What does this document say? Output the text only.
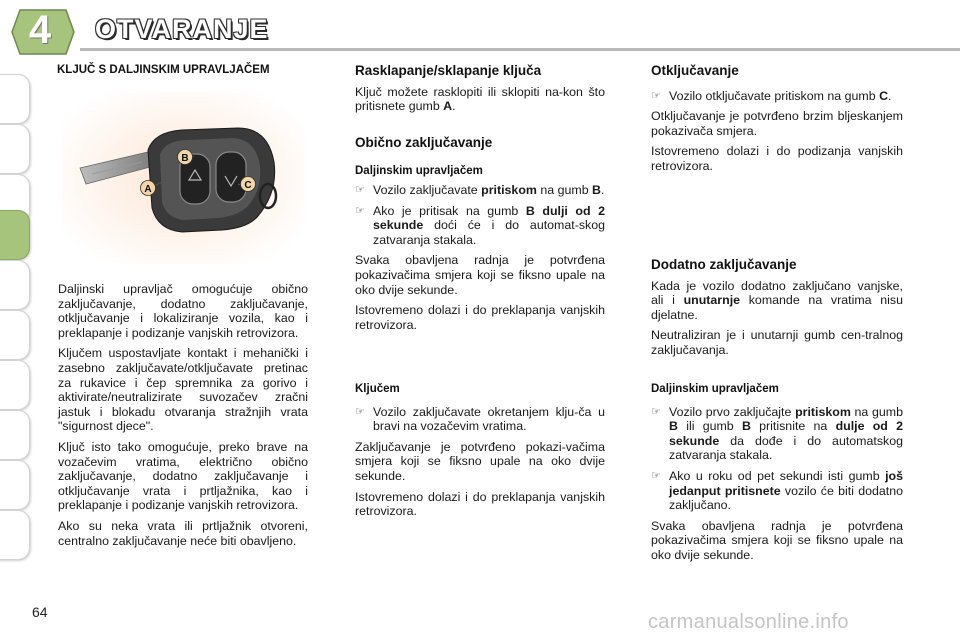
4	OTVARANJE
KLJUČ S DALJINSKIM UPRAVLJAČEM
A
B
C

Daljinski upravljač omogućuje obično zaključavanje, dodatno zaključavanje, otključavanje i lokaliziranje vozila, kao i preklapanje i podizanje vanjskih retrovizora.

Ključem uspostavljate kontakt i mehanički i zasebno zaključavate/otključavate pretinac za rukavice i čep spremnika za gorivo i aktivirate/neutralizirate suvozačev zračni jastuk i blokadu otvaranja stražnjih vrata "sigurnost djece".

Ključ isto tako omogućuje, preko brave na vozačevim vratima, električno obično zaključavanje, dodatno zaključavanje i otključavanje vrata i prtljažnika, kao i preklapanje i podizanje vanjskih retrovizora.

Ako su neka vrata ili prtljažnik otvoreni, centralno zaključavanje neće biti obavljeno.

Rasklapanje/sklapanje ključa

Ključ možete rasklopiti ili sklopiti na-kon što pritisnete gumb A.

Obično zaključavanje

Daljinskim upravljačem

☞ Vozilo zaključavate pritiskom na gumb B.
☞ Ako je pritisak na gumb B dulji od 2 sekunde doći će i do automat-skog zatvaranja stakala.

Svaka obavljena radnja je potvrđena pokazivačima smjera koji se fiksno upale na oko dvije sekunde.

Istovremeno dolazi i do preklapanja vanjskih retrovizora.

Ključem

☞ Vozilo zaključavate okretanjem klju-ča u bravi na vozačevim vratima.

Zaključavanje je potvrđeno pokazi-vačima smjera koji se fiksno upale na oko dvije sekunde.

Istovremeno dolazi i do preklapanja vanjskih retrovizora.

Otključavanje

☞ Vozilo otključavate pritiskom na gumb C.

Otključavanje je potvrđeno brzim bljeskanjem pokazivača smjera.

Istovremeno dolazi i do podizanja vanjskih retrovizora.

Dodatno zaključavanje

Kada je vozilo dodatno zaključano vanjske, ali i unutarnje komande na vratima nisu djelatne.

Neutraliziran je i unutarnji gumb cen-tralnog zaključavanja.

Daljinskim upravljačem

☞ Vozilo prvo zaključajte pritiskom na gumb B ili gumb B pritisnite na dulje od 2 sekunde da dođe i do automatskog zatvaranja stakala.
☞ Ako u roku od pet sekundi isti gumb još jedanput pritisnete vozilo će biti dodatno zaključano.

Svaka obavljena radnja je potvrđena pokazivačima smjera koji se fiksno upale na oko dvije sekunde.

64	carmanualsonline.info
